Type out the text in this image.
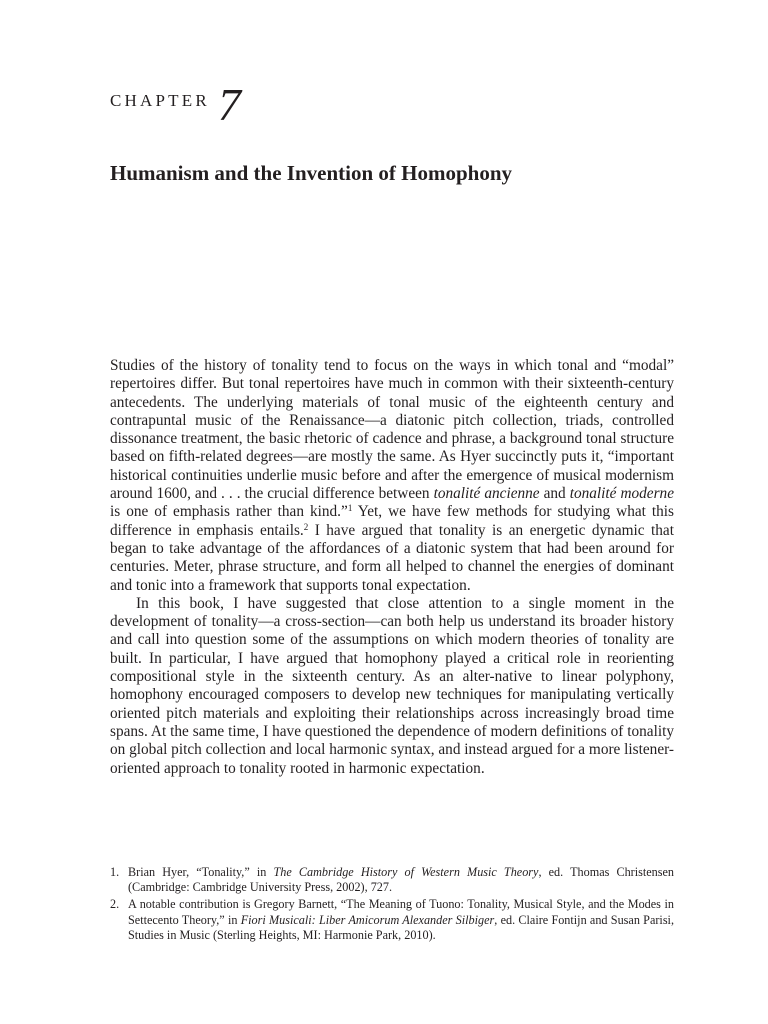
CHAPTER 7
Humanism and the Invention of Homophony

Studies of the history of tonality tend to focus on the ways in which tonal and “modal” repertoires differ. But tonal repertoires have much in common with their sixteenth-century antecedents. The underlying materials of tonal music of the eighteenth century and contrapuntal music of the Renaissance—a diatonic pitch collection, triads, controlled dissonance treatment, the basic rhetoric of cadence and phrase, a background tonal structure based on fifth-related degrees—are mostly the same. As Hyer succinctly puts it, “important historical continuities underlie music before and after the emergence of musical modernism around 1600, and . . . the crucial difference between tonalité ancienne and tonalité moderne is one of emphasis rather than kind.”$^1$ Yet, we have few methods for studying what this difference in emphasis entails.$^2$ I have argued that tonality is an energetic dynamic that began to take advantage of the affordances of a diatonic system that had been around for centuries. Meter, phrase structure, and form all helped to channel the energies of dominant and tonic into a framework that supports tonal expectation.

In this book, I have suggested that close attention to a single moment in the development of tonality—a cross-section—can both help us understand its broader history and call into question some of the assumptions on which modern theories of tonality are built. In particular, I have argued that homophony played a critical role in reorienting compositional style in the sixteenth century. As an alter-native to linear polyphony, homophony encouraged composers to develop new techniques for manipulating vertically oriented pitch materials and exploiting their relationships across increasingly broad time spans. At the same time, I have questioned the dependence of modern definitions of tonality on global pitch collection and local harmonic syntax, and instead argued for a more listener-oriented approach to tonality rooted in harmonic expectation.

1. Brian Hyer, “Tonality,” in The Cambridge History of Western Music Theory, ed. Thomas Christensen (Cambridge: Cambridge University Press, 2002), 727.
2. A notable contribution is Gregory Barnett, “The Meaning of Tuono: Tonality, Musical Style, and the Modes in Settecento Theory,” in Fiori Musicali: Liber Amicorum Alexander Silbiger, ed. Claire Fontijn and Susan Parisi, Studies in Music (Sterling Heights, MI: Harmonie Park, 2010).
